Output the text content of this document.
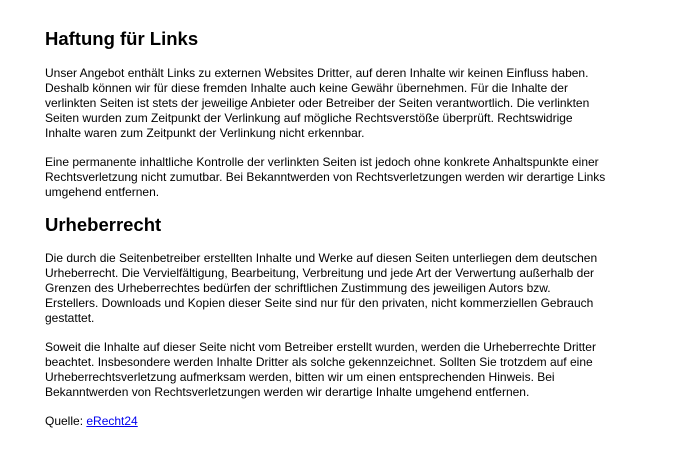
Haftung für Links

Unser Angebot enthält Links zu externen Websites Dritter, auf deren Inhalte wir keinen Einfluss haben.
Deshalb können wir für diese fremden Inhalte auch keine Gewähr übernehmen. Für die Inhalte der
verlinkten Seiten ist stets der jeweilige Anbieter oder Betreiber der Seiten verantwortlich. Die verlinkten
Seiten wurden zum Zeitpunkt der Verlinkung auf mögliche Rechtsverstöße überprüft. Rechtswidrige
Inhalte waren zum Zeitpunkt der Verlinkung nicht erkennbar.

Eine permanente inhaltliche Kontrolle der verlinkten Seiten ist jedoch ohne konkrete Anhaltspunkte einer
Rechtsverletzung nicht zumutbar. Bei Bekanntwerden von Rechtsverletzungen werden wir derartige Links
umgehend entfernen.

Urheberrecht

Die durch die Seitenbetreiber erstellten Inhalte und Werke auf diesen Seiten unterliegen dem deutschen
Urheberrecht. Die Vervielfältigung, Bearbeitung, Verbreitung und jede Art der Verwertung außerhalb der
Grenzen des Urheberrechtes bedürfen der schriftlichen Zustimmung des jeweiligen Autors bzw.
Erstellers. Downloads und Kopien dieser Seite sind nur für den privaten, nicht kommerziellen Gebrauch
gestattet.

Soweit die Inhalte auf dieser Seite nicht vom Betreiber erstellt wurden, werden die Urheberrechte Dritter
beachtet. Insbesondere werden Inhalte Dritter als solche gekennzeichnet. Sollten Sie trotzdem auf eine
Urheberrechtsverletzung aufmerksam werden, bitten wir um einen entsprechenden Hinweis. Bei
Bekanntwerden von Rechtsverletzungen werden wir derartige Inhalte umgehend entfernen.

Quelle: eRecht24
